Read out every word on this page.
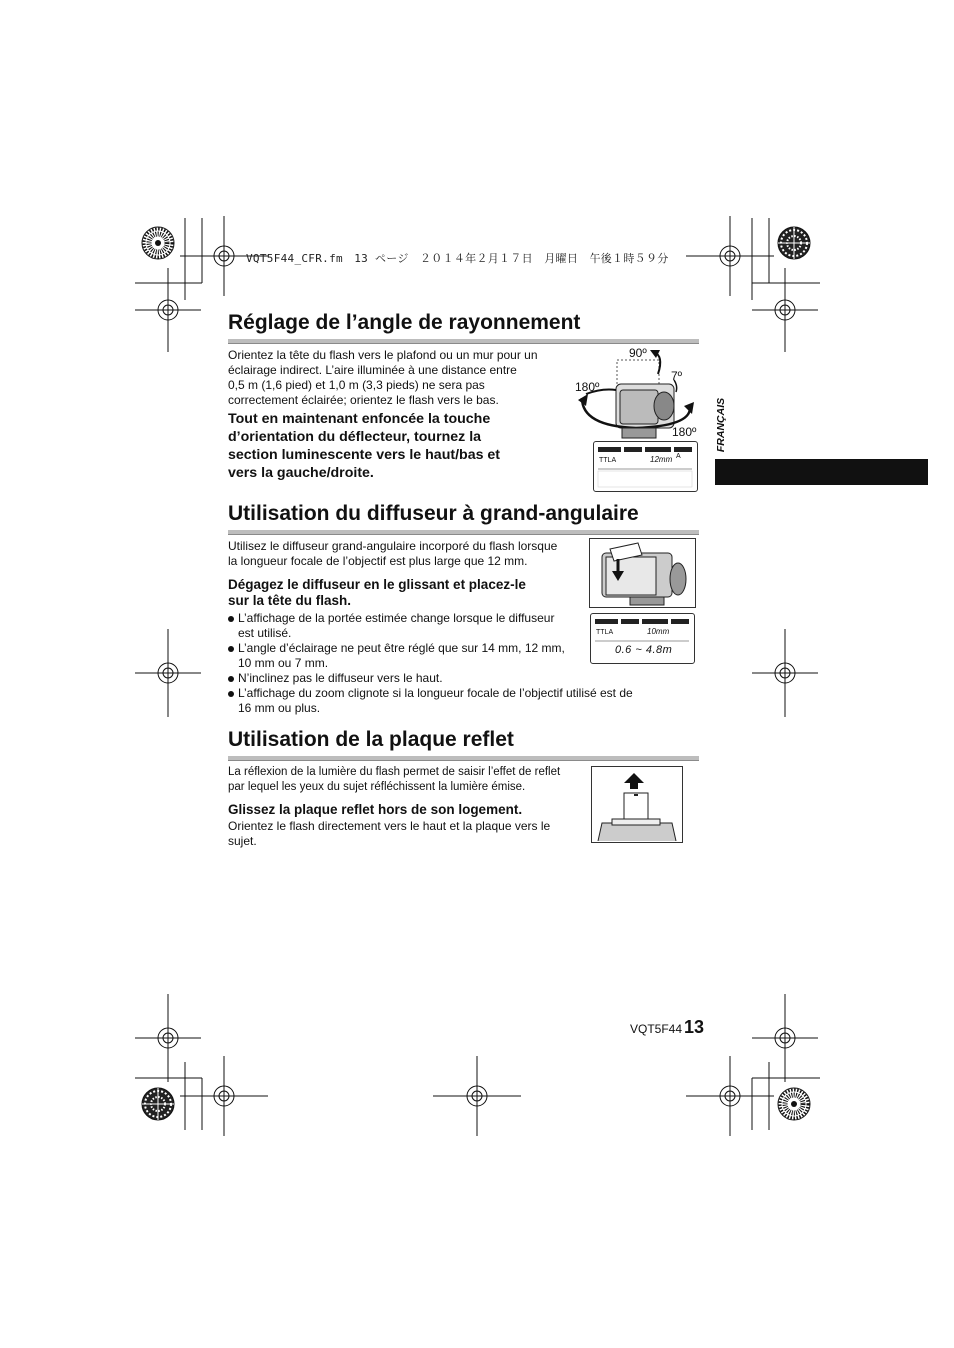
VQT5F44_CFR.fm　13 ページ　２０１４年２月１７日　月曜日　午後１時５９分
FRANÇAIS
Réglage de l’angle de rayonnement
Orientez la tête du flash vers le plafond ou un mur pour un
éclairage indirect. L’aire illuminée à une distance entre
0,5 m (1,6 pied) et 1,0 m (3,3 pieds) ne sera pas
correctement éclairée; orientez le flash vers le bas.
Tout en maintenant enfoncée la touche
d’orientation du déflecteur, tournez la
section luminescente vers le haut/bas et
vers la gauche/droite.
90º
7º
180º
180º
TTLA	12mm A
Utilisation du diffuseur à grand-angulaire
Utilisez le diffuseur grand-angulaire incorporé du flash lorsque
la longueur focale de l’objectif est plus large que 12 mm.
Dégagez le diffuseur en le glissant et placez-le
sur la tête du flash.
L’affichage de la portée estimée change lorsque le diffuseur
est utilisé.
L’angle d’éclairage ne peut être réglé que sur 14 mm, 12 mm,
10 mm ou 7 mm.
N’inclinez pas le diffuseur vers le haut.
L’affichage du zoom clignote si la longueur focale de l’objectif utilisé est de
16 mm ou plus.
TTLA	10mm
0.6 ~ 4.8m
Utilisation de la plaque reflet
La réflexion de la lumière du flash permet de saisir l’effet de reflet
par lequel les yeux du sujet réfléchissent la lumière émise.
Glissez la plaque reflet hors de son logement.
Orientez le flash directement vers le haut et la plaque vers le
sujet.
VQT5F44 13
